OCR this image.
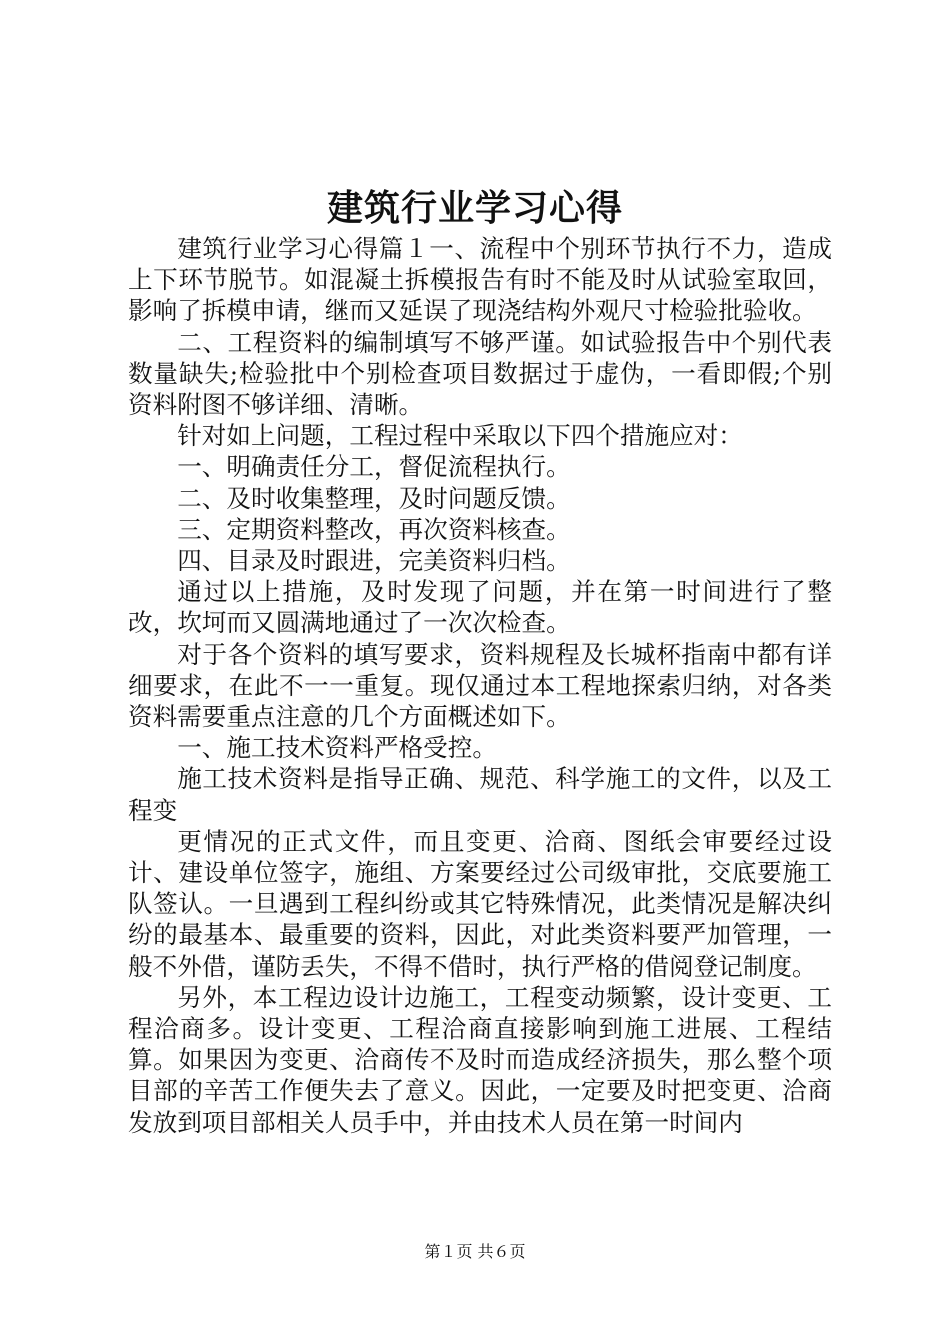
建筑行业学习心得

建筑行业学习心得篇１一、流程中个别环节执行不力，造成上下环节脱节。如混凝土拆模报告有时不能及时从试验室取回，影响了拆模申请，继而又延误了现浇结构外观尺寸检验批验收。

二、工程资料的编制填写不够严谨。如试验报告中个别代表数量缺失;检验批中个别检查项目数据过于虚伪，一看即假;个别资料附图不够详细、清晰。

针对如上问题，工程过程中采取以下四个措施应对：

一、明确责任分工，督促流程执行。

二、及时收集整理，及时问题反馈。

三、定期资料整改，再次资料核查。

四、目录及时跟进，完美资料归档。

通过以上措施，及时发现了问题，并在第一时间进行了整改，坎坷而又圆满地通过了一次次检查。

对于各个资料的填写要求，资料规程及长城杯指南中都有详细要求，在此不一一重复。现仅通过本工程地探索归纳，对各类资料需要重点注意的几个方面概述如下。

一、施工技术资料严格受控。

施工技术资料是指导正确、规范、科学施工的文件，以及工程变

更情况的正式文件，而且变更、洽商、图纸会审要经过设计、建设单位签字，施组、方案要经过公司级审批，交底要施工队签认。一旦遇到工程纠纷或其它特殊情况，此类情况是解决纠纷的最基本、最重要的资料，因此，对此类资料要严加管理，一般不外借，谨防丢失，不得不借时，执行严格的借阅登记制度。

另外，本工程边设计边施工，工程变动频繁，设计变更、工程洽商多。设计变更、工程洽商直接影响到施工进展、工程结算。如果因为变更、洽商传不及时而造成经济损失，那么整个项目部的辛苦工作便失去了意义。因此，一定要及时把变更、洽商发放到项目部相关人员手中，并由技术人员在第一时间内

第１页 共６页
